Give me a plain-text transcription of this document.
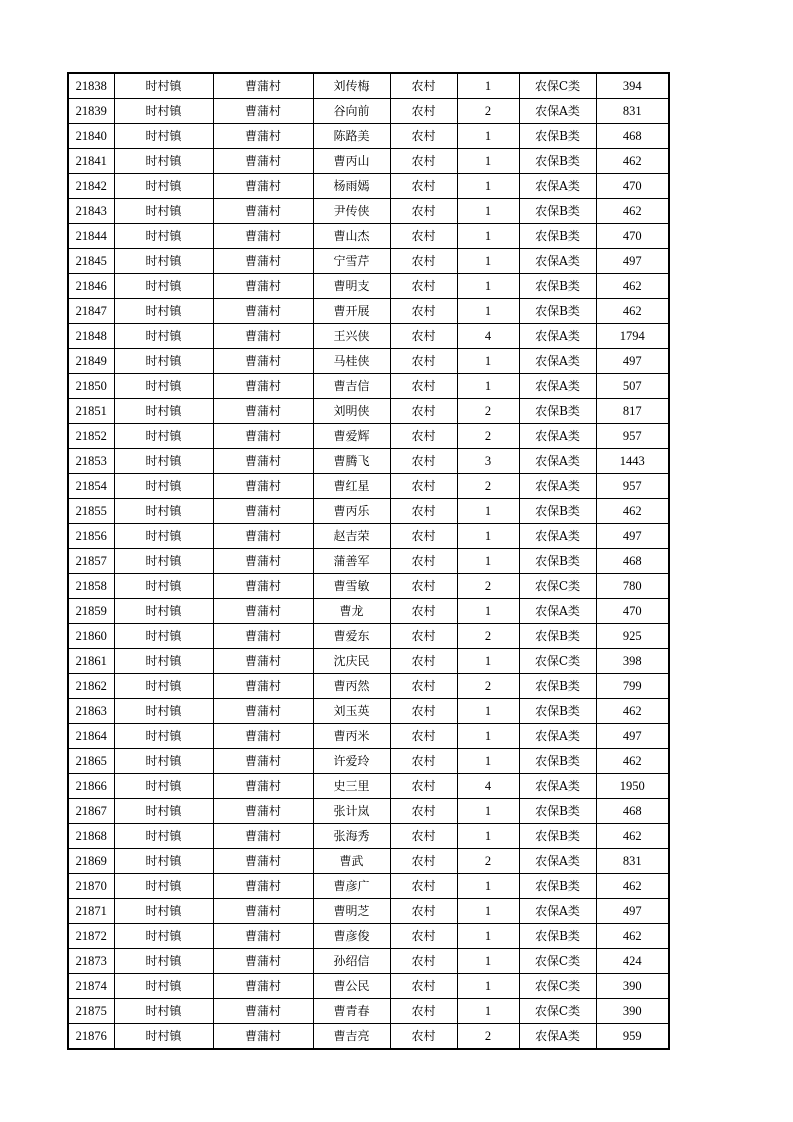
21838	时村镇	曹蒲村	刘传梅	农村	1	农保C类	394
21839	时村镇	曹蒲村	谷向前	农村	2	农保A类	831
21840	时村镇	曹蒲村	陈路美	农村	1	农保B类	468
21841	时村镇	曹蒲村	曹丙山	农村	1	农保B类	462
21842	时村镇	曹蒲村	杨雨嫣	农村	1	农保A类	470
21843	时村镇	曹蒲村	尹传侠	农村	1	农保B类	462
21844	时村镇	曹蒲村	曹山杰	农村	1	农保B类	470
21845	时村镇	曹蒲村	宁雪芹	农村	1	农保A类	497
21846	时村镇	曹蒲村	曹明支	农村	1	农保B类	462
21847	时村镇	曹蒲村	曹开展	农村	1	农保B类	462
21848	时村镇	曹蒲村	王兴侠	农村	4	农保A类	1794
21849	时村镇	曹蒲村	马桂侠	农村	1	农保A类	497
21850	时村镇	曹蒲村	曹吉信	农村	1	农保A类	507
21851	时村镇	曹蒲村	刘明侠	农村	2	农保B类	817
21852	时村镇	曹蒲村	曹爱辉	农村	2	农保A类	957
21853	时村镇	曹蒲村	曹腾飞	农村	3	农保A类	1443
21854	时村镇	曹蒲村	曹红星	农村	2	农保A类	957
21855	时村镇	曹蒲村	曹丙乐	农村	1	农保B类	462
21856	时村镇	曹蒲村	赵吉荣	农村	1	农保A类	497
21857	时村镇	曹蒲村	蒲善军	农村	1	农保B类	468
21858	时村镇	曹蒲村	曹雪敏	农村	2	农保C类	780
21859	时村镇	曹蒲村	曹龙	农村	1	农保A类	470
21860	时村镇	曹蒲村	曹爱东	农村	2	农保B类	925
21861	时村镇	曹蒲村	沈庆民	农村	1	农保C类	398
21862	时村镇	曹蒲村	曹丙然	农村	2	农保B类	799
21863	时村镇	曹蒲村	刘玉英	农村	1	农保B类	462
21864	时村镇	曹蒲村	曹丙米	农村	1	农保A类	497
21865	时村镇	曹蒲村	许爱玲	农村	1	农保B类	462
21866	时村镇	曹蒲村	史三里	农村	4	农保A类	1950
21867	时村镇	曹蒲村	张计岚	农村	1	农保B类	468
21868	时村镇	曹蒲村	张海秀	农村	1	农保B类	462
21869	时村镇	曹蒲村	曹武	农村	2	农保A类	831
21870	时村镇	曹蒲村	曹彦广	农村	1	农保B类	462
21871	时村镇	曹蒲村	曹明芝	农村	1	农保A类	497
21872	时村镇	曹蒲村	曹彦俊	农村	1	农保B类	462
21873	时村镇	曹蒲村	孙绍信	农村	1	农保C类	424
21874	时村镇	曹蒲村	曹公民	农村	1	农保C类	390
21875	时村镇	曹蒲村	曹青春	农村	1	农保C类	390
21876	时村镇	曹蒲村	曹吉亮	农村	2	农保A类	959
